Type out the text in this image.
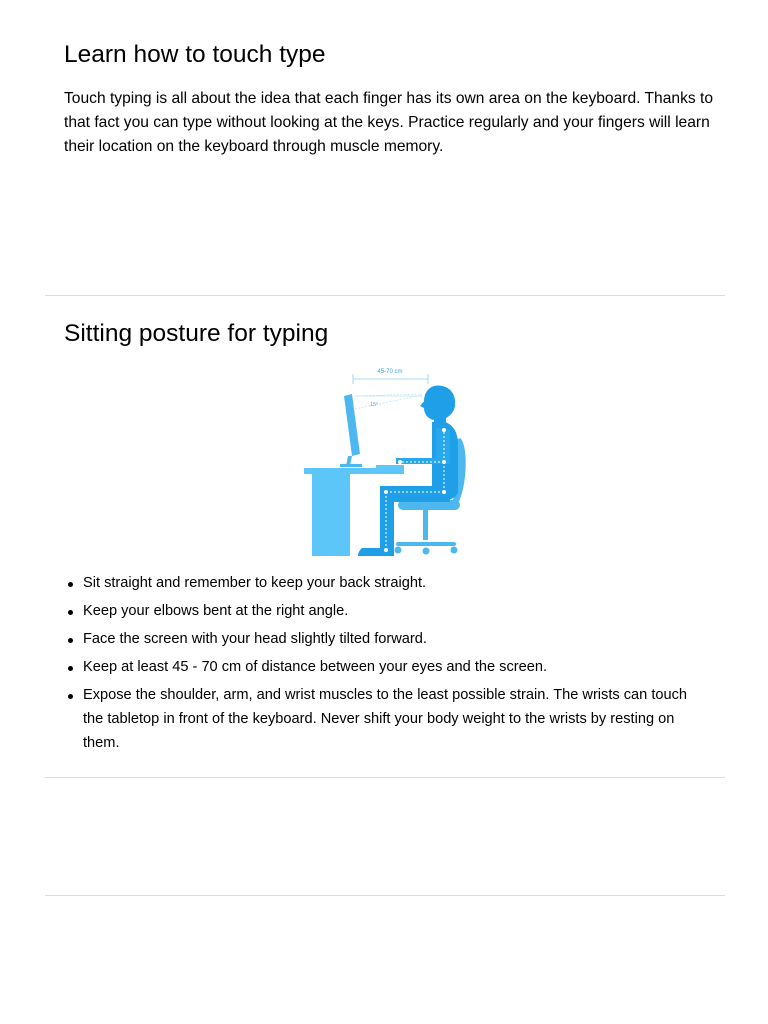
Learn how to touch type

Touch typing is all about the idea that each finger has its own area on the keyboard. Thanks to that fact you can type without looking at the keys. Practice regularly and your fingers will learn their location on the keyboard through muscle memory.

Sitting posture for typing
45-70 cm
15°
Sit straight and remember to keep your back straight.
Keep your elbows bent at the right angle.
Face the screen with your head slightly tilted forward.
Keep at least 45 - 70 cm of distance between your eyes and the screen.
Expose the shoulder, arm, and wrist muscles to the least possible strain. The wrists can touch the tabletop in front of the keyboard. Never shift your body weight to the wrists by resting on them.
